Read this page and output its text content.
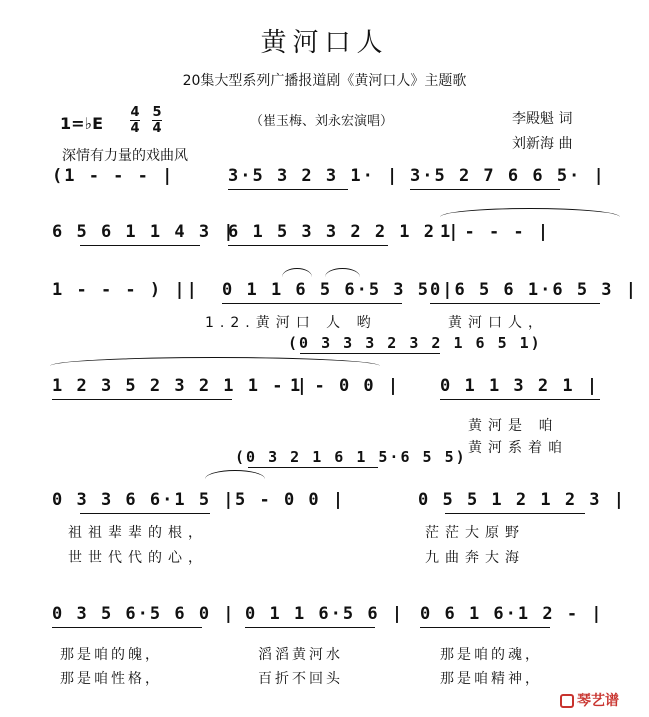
黄河口人
20集大型系列广播报道剧《黄河口人》主题歌
1=♭E
4
4
5
4	（崔玉梅、刘永宏演唱）	李殿魁 词
刘新海 曲
深情有力量的戏曲风
(1 - - - |	3·5 3 2 3 1· | 3·5 2 7 6 6 5· |
6 5 6 1 1 4 3 |
6 1 5 3 3 2 2 1 2 |
1 - - - |
1 - - - ) || 0 1 1 6 5 6·5 3 5 |
0 6 5 6 1·6 5 3 |
1.2.黄河口 人 哟	黄河口人，
(0 3 3 3 2 3 2 1 6 5 1)
1 2 3 5 2 3 2 1 1 - |
1 - 0 0 | 0 1 1 3 2 1 |
黄河是 咱
黄河系着咱
(0 3 2 1 6 1 5·6 5 5)
0 3 3 6 6·1 5 | 5 - 0 0 |	0 5 5 1 2 1 2 3 |
祖祖辈辈的根，	茫茫大原野
世世代代的心，	九曲奔大海
0 3 5 6·5 6 0 | 0 1 1 6·5 6 | 0 6 1 6·1 2 - |
那是咱的魄，	滔滔黄河水	那是咱的魂，
那是咱性格，	百折不回头	那是咱精神，
琴艺谱
